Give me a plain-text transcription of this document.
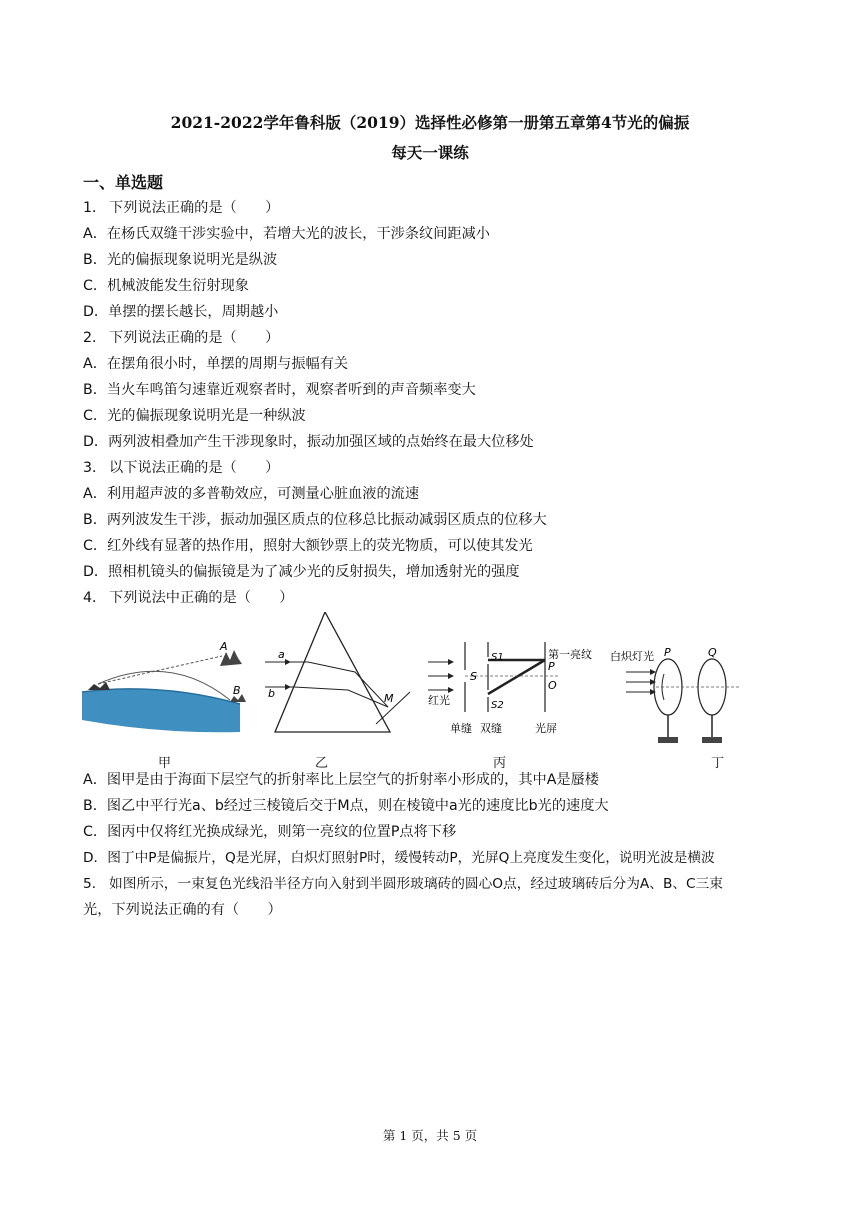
2021-2022学年鲁科版（2019）选择性必修第一册第五章第4节光的偏振
每天一课练
一、单选题
1． 下列说法正确的是（　　）
A．在杨氏双缝干涉实验中，若增大光的波长，干涉条纹间距减小
B．光的偏振现象说明光是纵波
C．机械波能发生衍射现象
D．单摆的摆长越长，周期越小
2． 下列说法正确的是（　　）
A．在摆角很小时，单摆的周期与振幅有关
B．当火车鸣笛匀速靠近观察者时，观察者听到的声音频率变大
C．光的偏振现象说明光是一种纵波
D．两列波相叠加产生干涉现象时，振动加强区域的点始终在最大位移处
3． 以下说法正确的是（　　）
A．利用超声波的多普勒效应，可测量心脏血液的流速
B．两列波发生干涉，振动加强区质点的位移总比振动减弱区质点的位移大
C．红外线有显著的热作用，照射大额钞票上的荧光物质，可以使其发光
D．照相机镜头的偏振镜是为了减少光的反射损失，增加透射光的强度
4． 下列说法中正确的是（　　）
A
B
a
b	M
S
S1
S2
P
O
第一亮纹
红光
单缝 双缝	光屏
白炽灯光 P	Q
甲	乙	丙	丁
A．图甲是由于海面下层空气的折射率比上层空气的折射率小形成的，其中A是蜃楼
B．图乙中平行光a、b经过三棱镜后交于M点，则在棱镜中a光的速度比b光的速度大
C．图丙中仅将红光换成绿光，则第一亮纹的位置P点将下移
D．图丁中P是偏振片，Q是光屏，白炽灯照射P时，缓慢转动P，光屏Q上亮度发生变化，说明光波是横波
5． 如图所示，一束复色光线沿半径方向入射到半圆形玻璃砖的圆心O点，经过玻璃砖后分为A、B、C三束
光，下列说法正确的有（　　）
第 1 页，共 5 页
